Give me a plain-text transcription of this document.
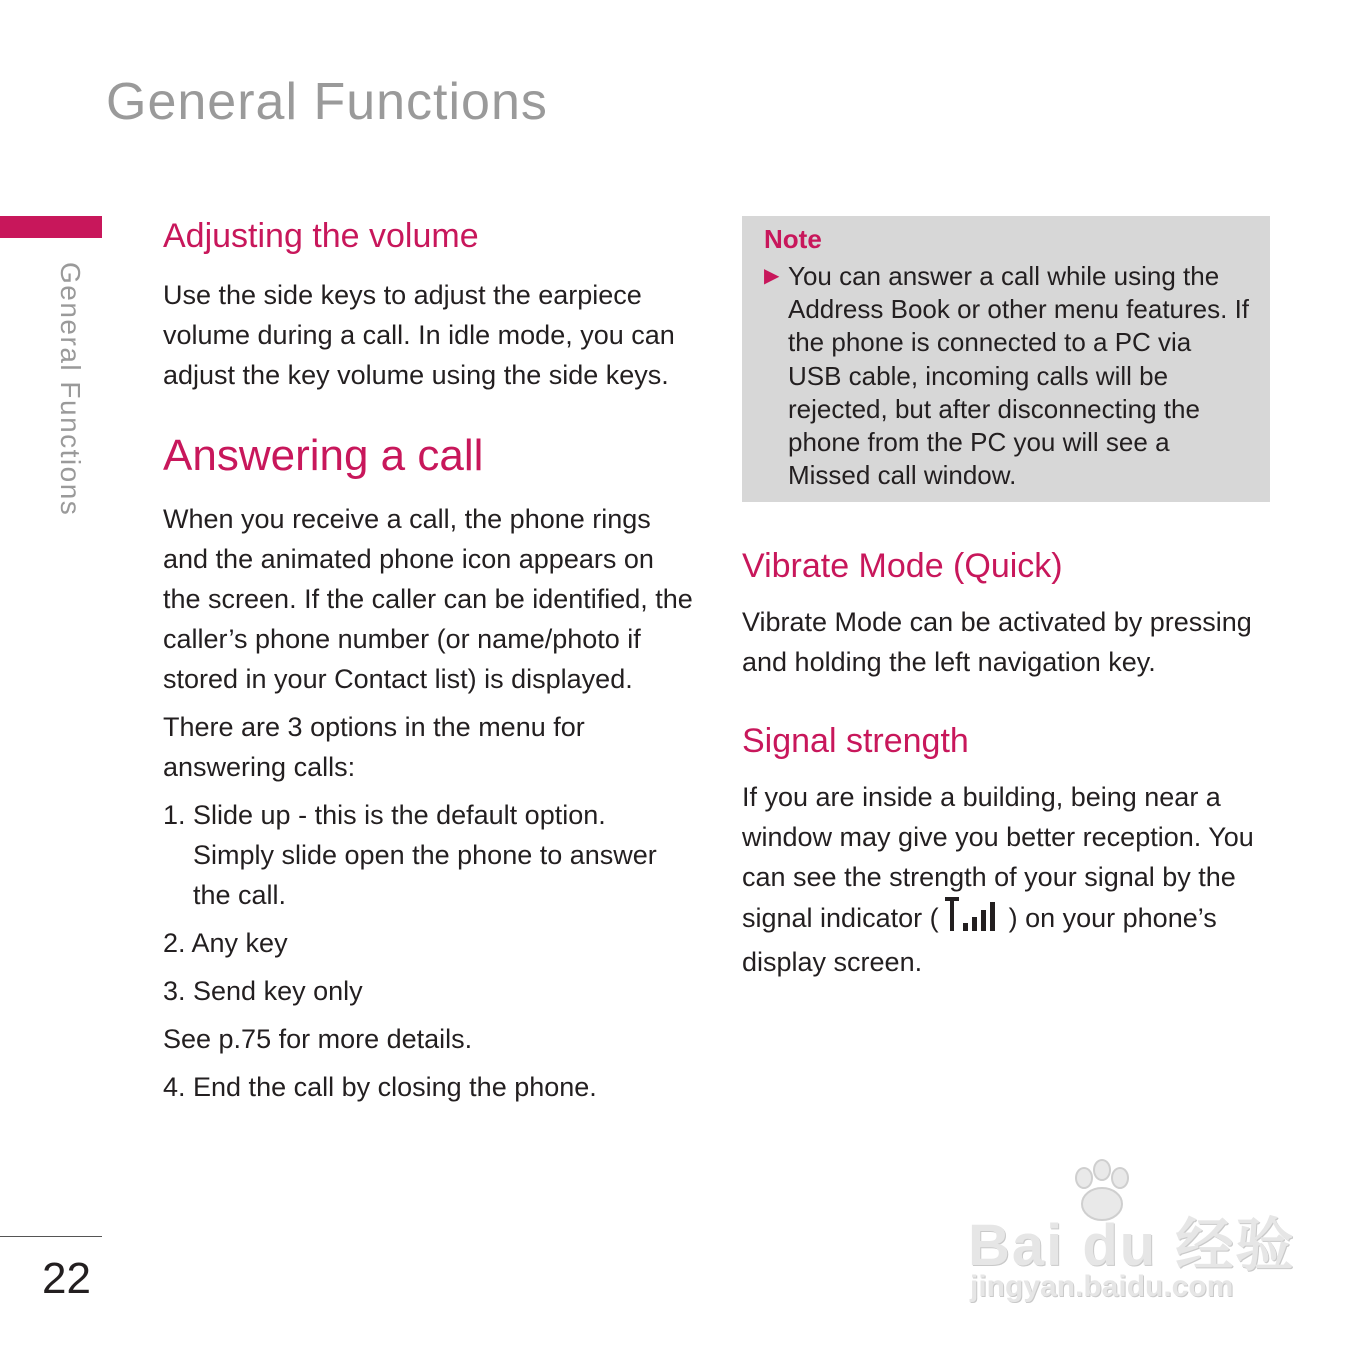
General Functions
General Functions
Adjusting the volume

Use the side keys to adjust the earpiece volume during a call. In idle mode, you can adjust the key volume using the side keys.

Answering a call

When you receive a call, the phone rings and the animated phone icon appears on the screen. If the caller can be identified, the caller’s phone number (or name/photo if stored in your Contact list) is displayed.

There are 3 options in the menu for answering calls:

1. Slide up - this is the default option. Simply slide open the phone to answer the call.
2. Any key
3. Send key only

See p.75 for more details.

4. End the call by closing the phone.
Note
▶ You can answer a call while using the Address Book or other menu features. If the phone is connected to a PC via USB cable, incoming calls will be rejected, but after disconnecting the phone from the PC you will see a Missed call window.
Vibrate Mode (Quick)

Vibrate Mode can be activated by pressing and holding the left navigation key.

Signal strength

If you are inside a building, being near a window may give you better reception. You can see the strength of your signal by the signal indicator (	) on your phone’s display screen.

22
Bai du 经验
jingyan.baidu.com
